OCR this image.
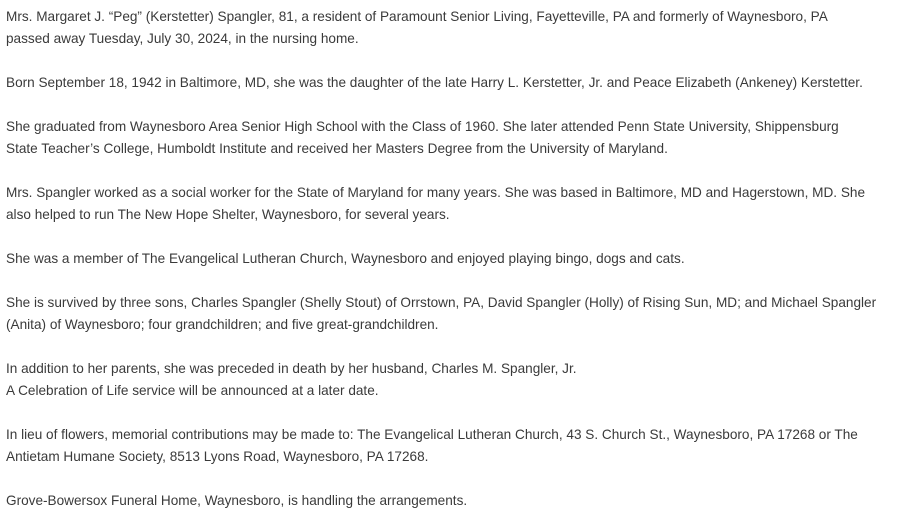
Mrs. Margaret J. “Peg” (Kerstetter) Spangler, 81, a resident of Paramount Senior Living, Fayetteville, PA and formerly of Waynesboro, PA
passed away Tuesday, July 30, 2024, in the nursing home.

Born September 18, 1942 in Baltimore, MD, she was the daughter of the late Harry L. Kerstetter, Jr. and Peace Elizabeth (Ankeney) Kerstetter.

She graduated from Waynesboro Area Senior High School with the Class of 1960. She later attended Penn State University, Shippensburg
State Teacher’s College, Humboldt Institute and received her Masters Degree from the University of Maryland.

Mrs. Spangler worked as a social worker for the State of Maryland for many years. She was based in Baltimore, MD and Hagerstown, MD. She
also helped to run The New Hope Shelter, Waynesboro, for several years.

She was a member of The Evangelical Lutheran Church, Waynesboro and enjoyed playing bingo, dogs and cats.

She is survived by three sons, Charles Spangler (Shelly Stout) of Orrstown, PA, David Spangler (Holly) of Rising Sun, MD; and Michael Spangler
(Anita) of Waynesboro; four grandchildren; and five great-grandchildren.

In addition to her parents, she was preceded in death by her husband, Charles M. Spangler, Jr.
A Celebration of Life service will be announced at a later date.

In lieu of flowers, memorial contributions may be made to: The Evangelical Lutheran Church, 43 S. Church St., Waynesboro, PA 17268 or The
Antietam Humane Society, 8513 Lyons Road, Waynesboro, PA 17268.

Grove-Bowersox Funeral Home, Waynesboro, is handling the arrangements.
